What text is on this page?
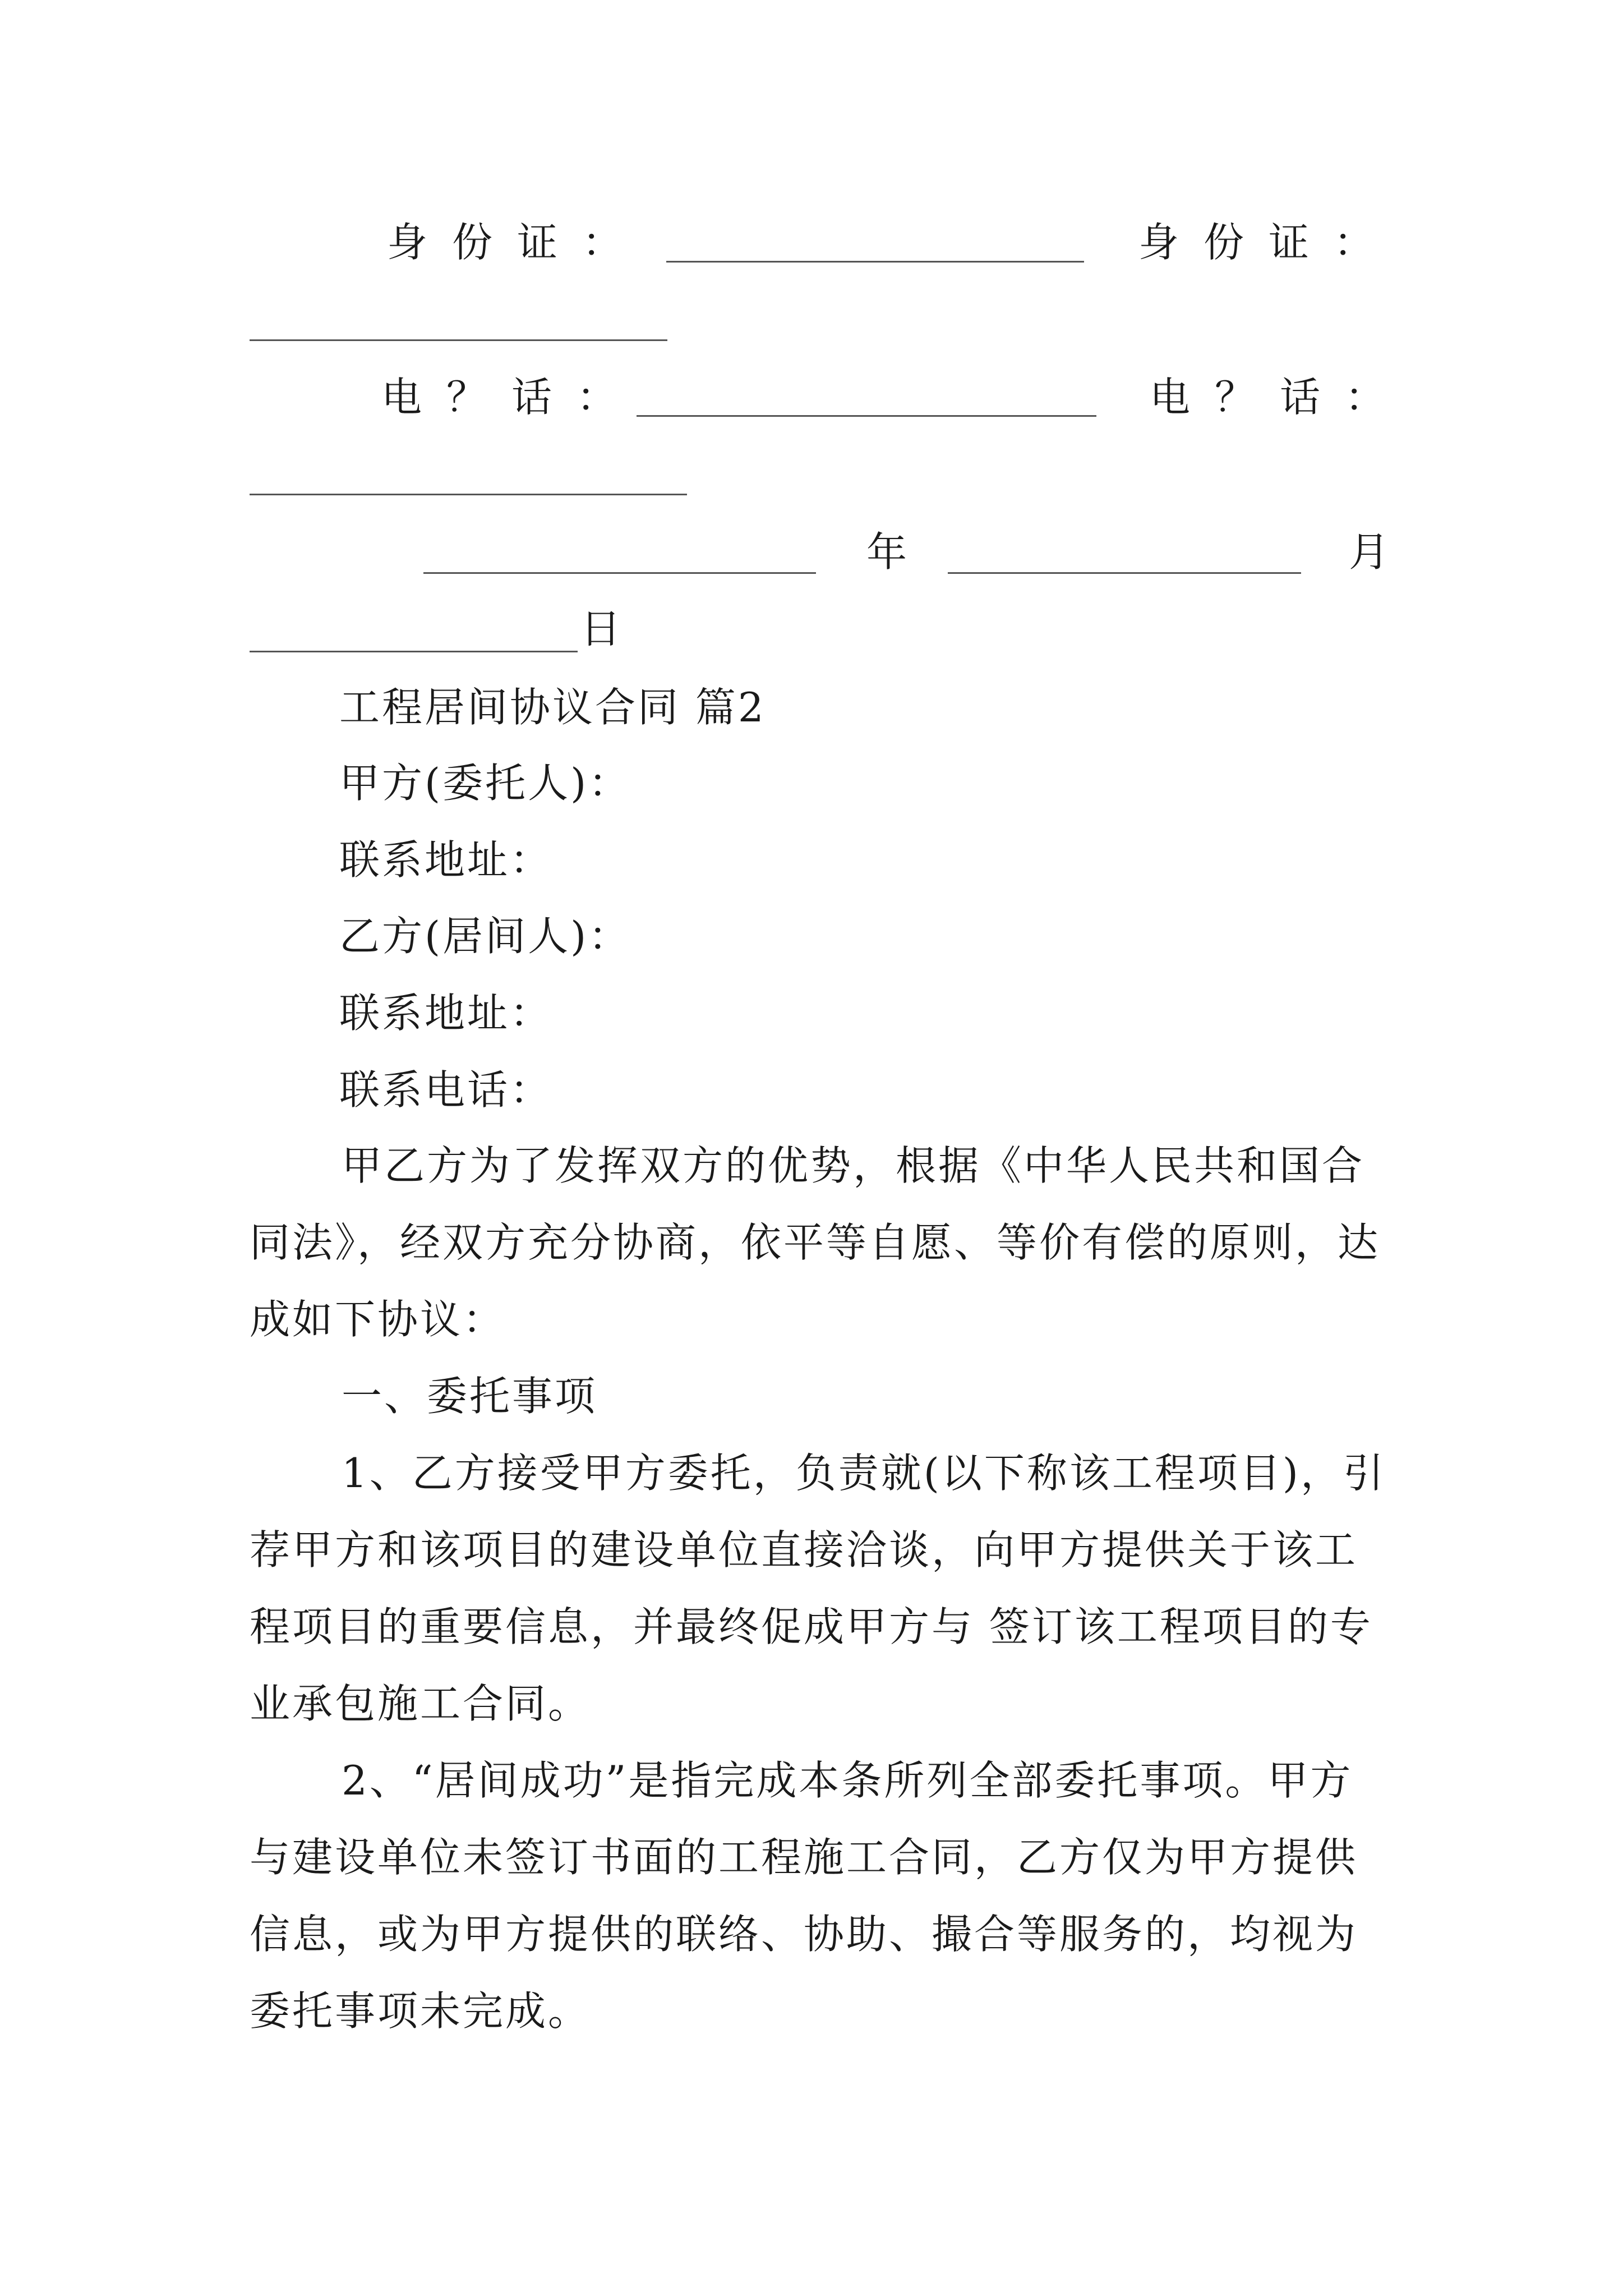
身份证：	身份证：
电？话：	电？话：
年	月
日
工程居间协议合同 篇2
甲方(委托人)：
联系地址：
乙方(居间人)：
联系地址：
联系电话：

甲乙方为了发挥双方的优势，根据《中华人民共和国合同法》，经双方充分协商，依平等自愿、等价有偿的原则，达成如下协议：

一、委托事项

1、乙方接受甲方委托，负责就(以下称该工程项目)，引荐甲方和该项目的建设单位直接洽谈，向甲方提供关于该工程项目的重要信息，并最终促成甲方与 签订该工程项目的专业承包施工合同。

2、“居间成功”是指完成本条所列全部委托事项。甲方与建设单位未签订书面的工程施工合同，乙方仅为甲方提供信息，或为甲方提供的联络、协助、撮合等服务的，均视为委托事项未完成。
